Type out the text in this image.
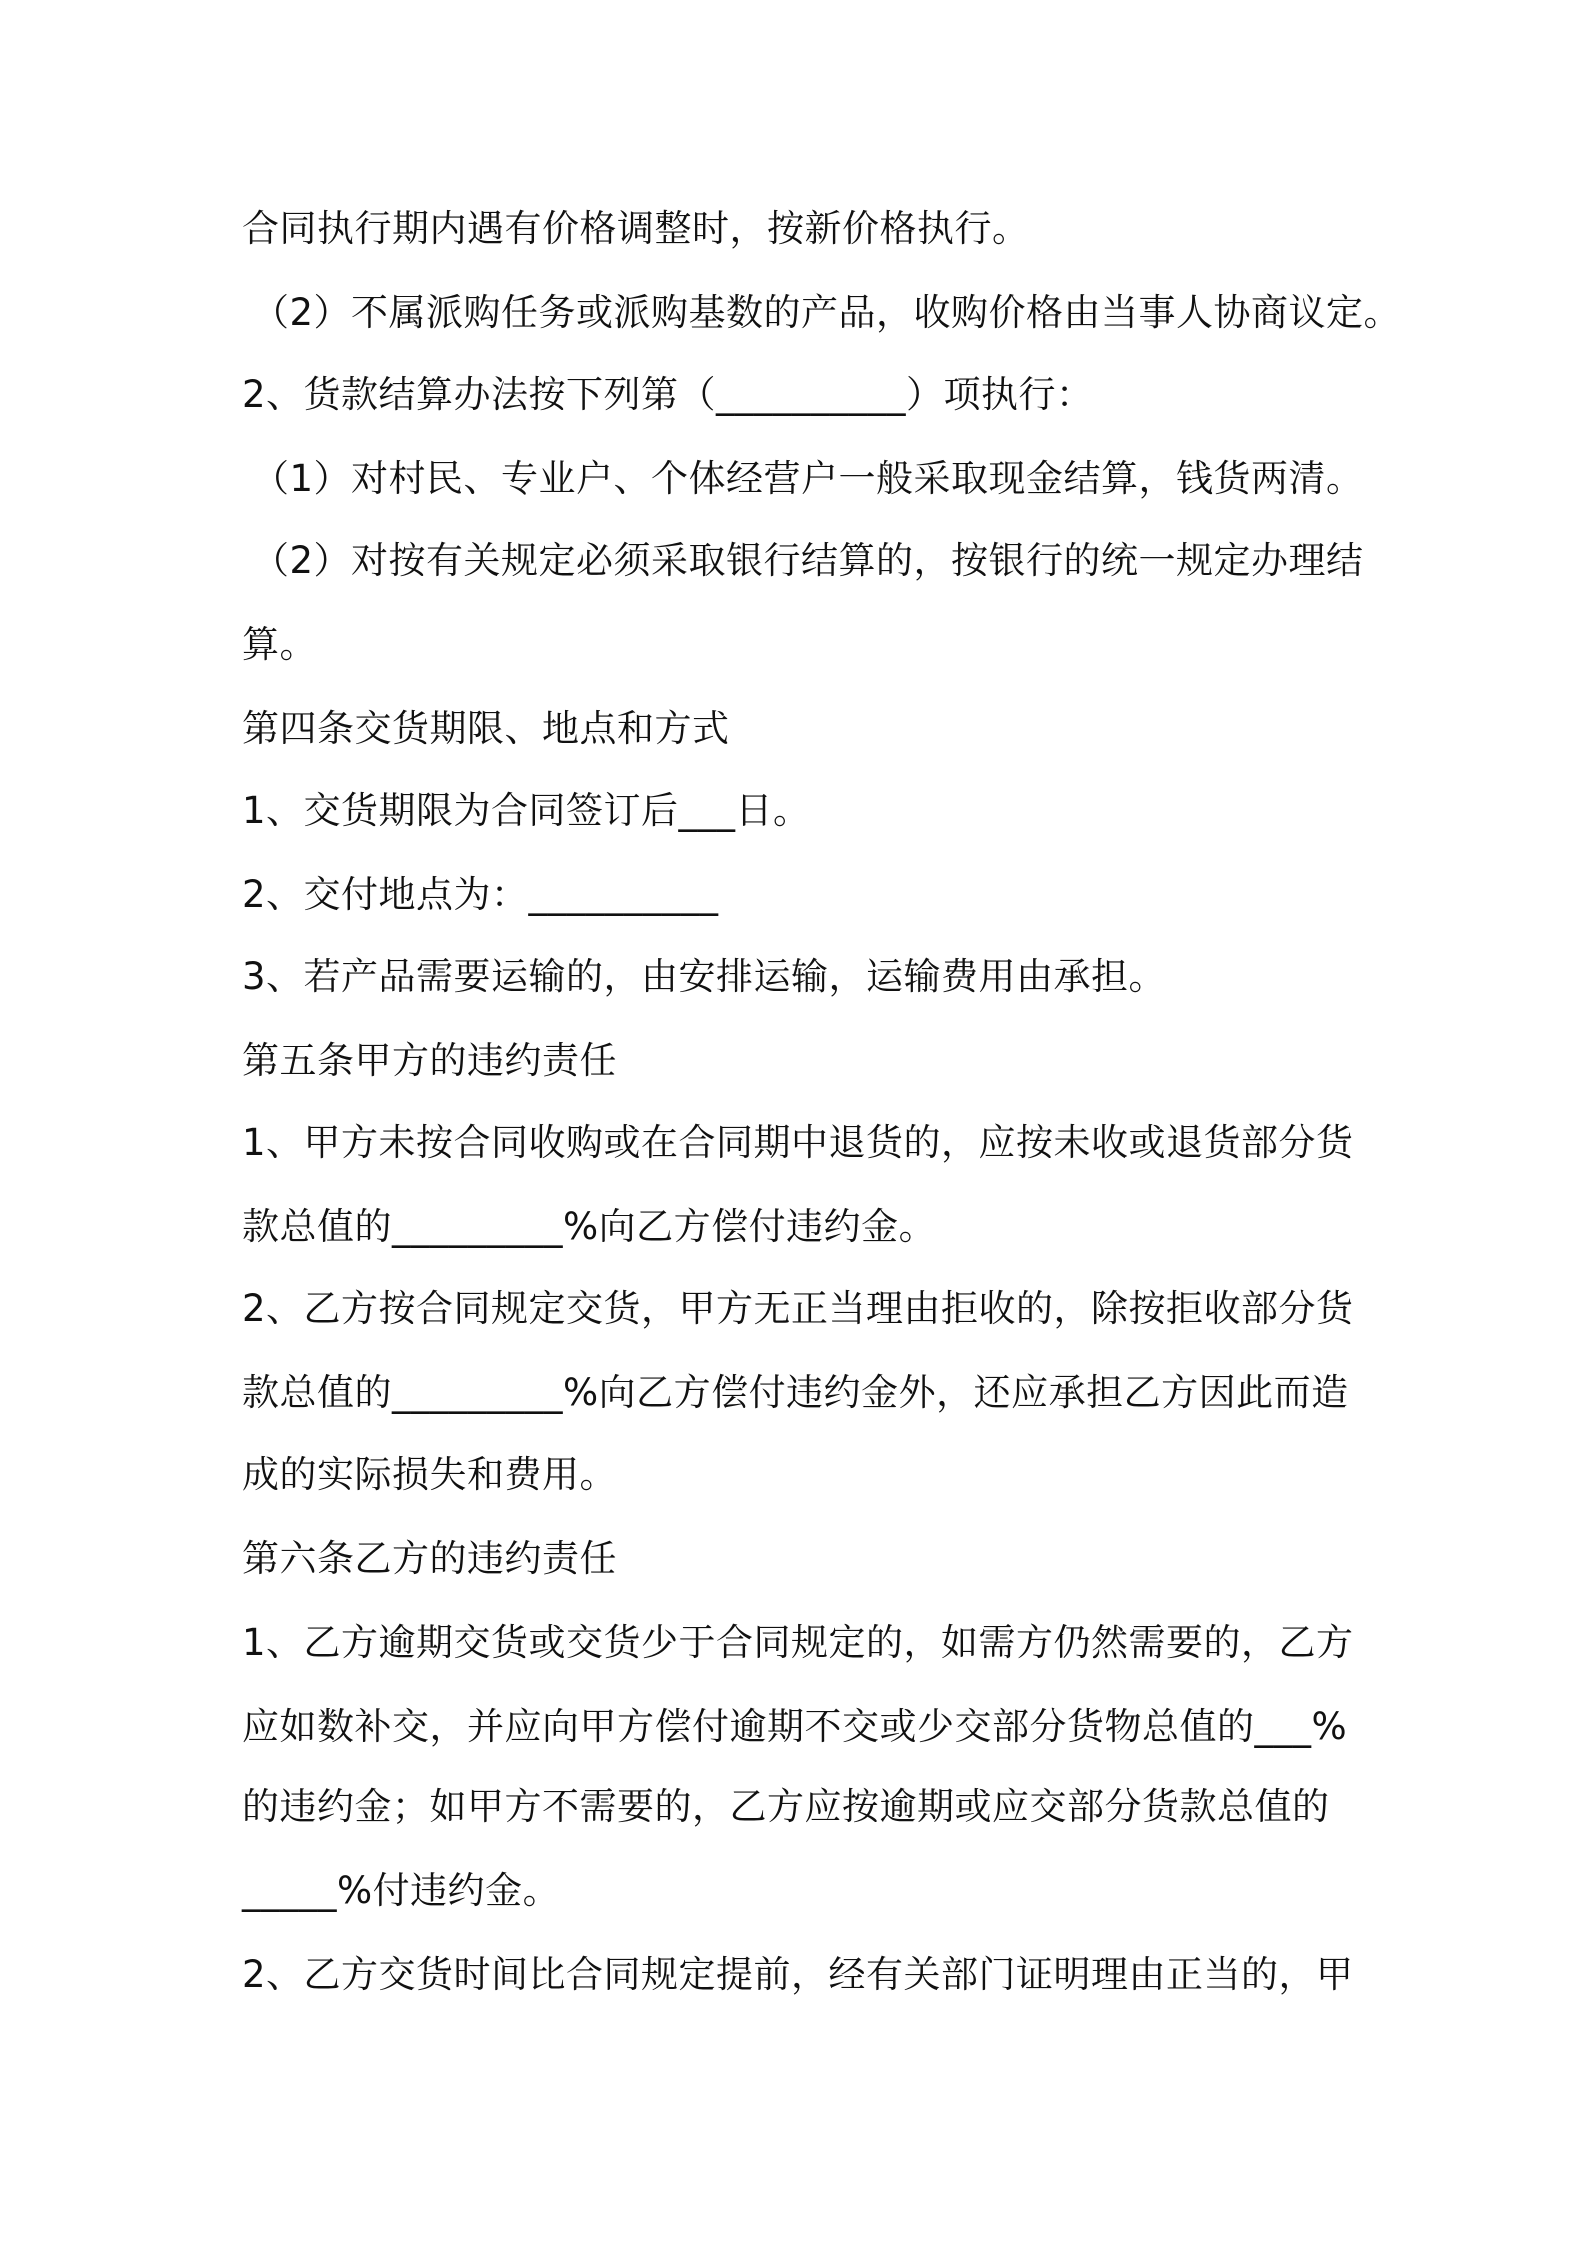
合同执行期内遇有价格调整时，按新价格执行。
（2）不属派购任务或派购基数的产品，收购价格由当事人协商议定。
2、货款结算办法按下列第（__________）项执行：
（1）对村民、专业户、个体经营户一般采取现金结算，钱货两清。
（2）对按有关规定必须采取银行结算的，按银行的统一规定办理结
算。
第四条交货期限、地点和方式
1、交货期限为合同签订后___日。
2、交付地点为：__________
3、若产品需要运输的，由安排运输，运输费用由承担。
第五条甲方的违约责任
1、甲方未按合同收购或在合同期中退货的，应按未收或退货部分货
款总值的_________%向乙方偿付违约金。
2、乙方按合同规定交货，甲方无正当理由拒收的，除按拒收部分货
款总值的_________%向乙方偿付违约金外，还应承担乙方因此而造
成的实际损失和费用。
第六条乙方的违约责任
1、乙方逾期交货或交货少于合同规定的，如需方仍然需要的，乙方
应如数补交，并应向甲方偿付逾期不交或少交部分货物总值的___%
的违约金；如甲方不需要的，乙方应按逾期或应交部分货款总值的
_____%付违约金。
2、乙方交货时间比合同规定提前，经有关部门证明理由正当的，甲
